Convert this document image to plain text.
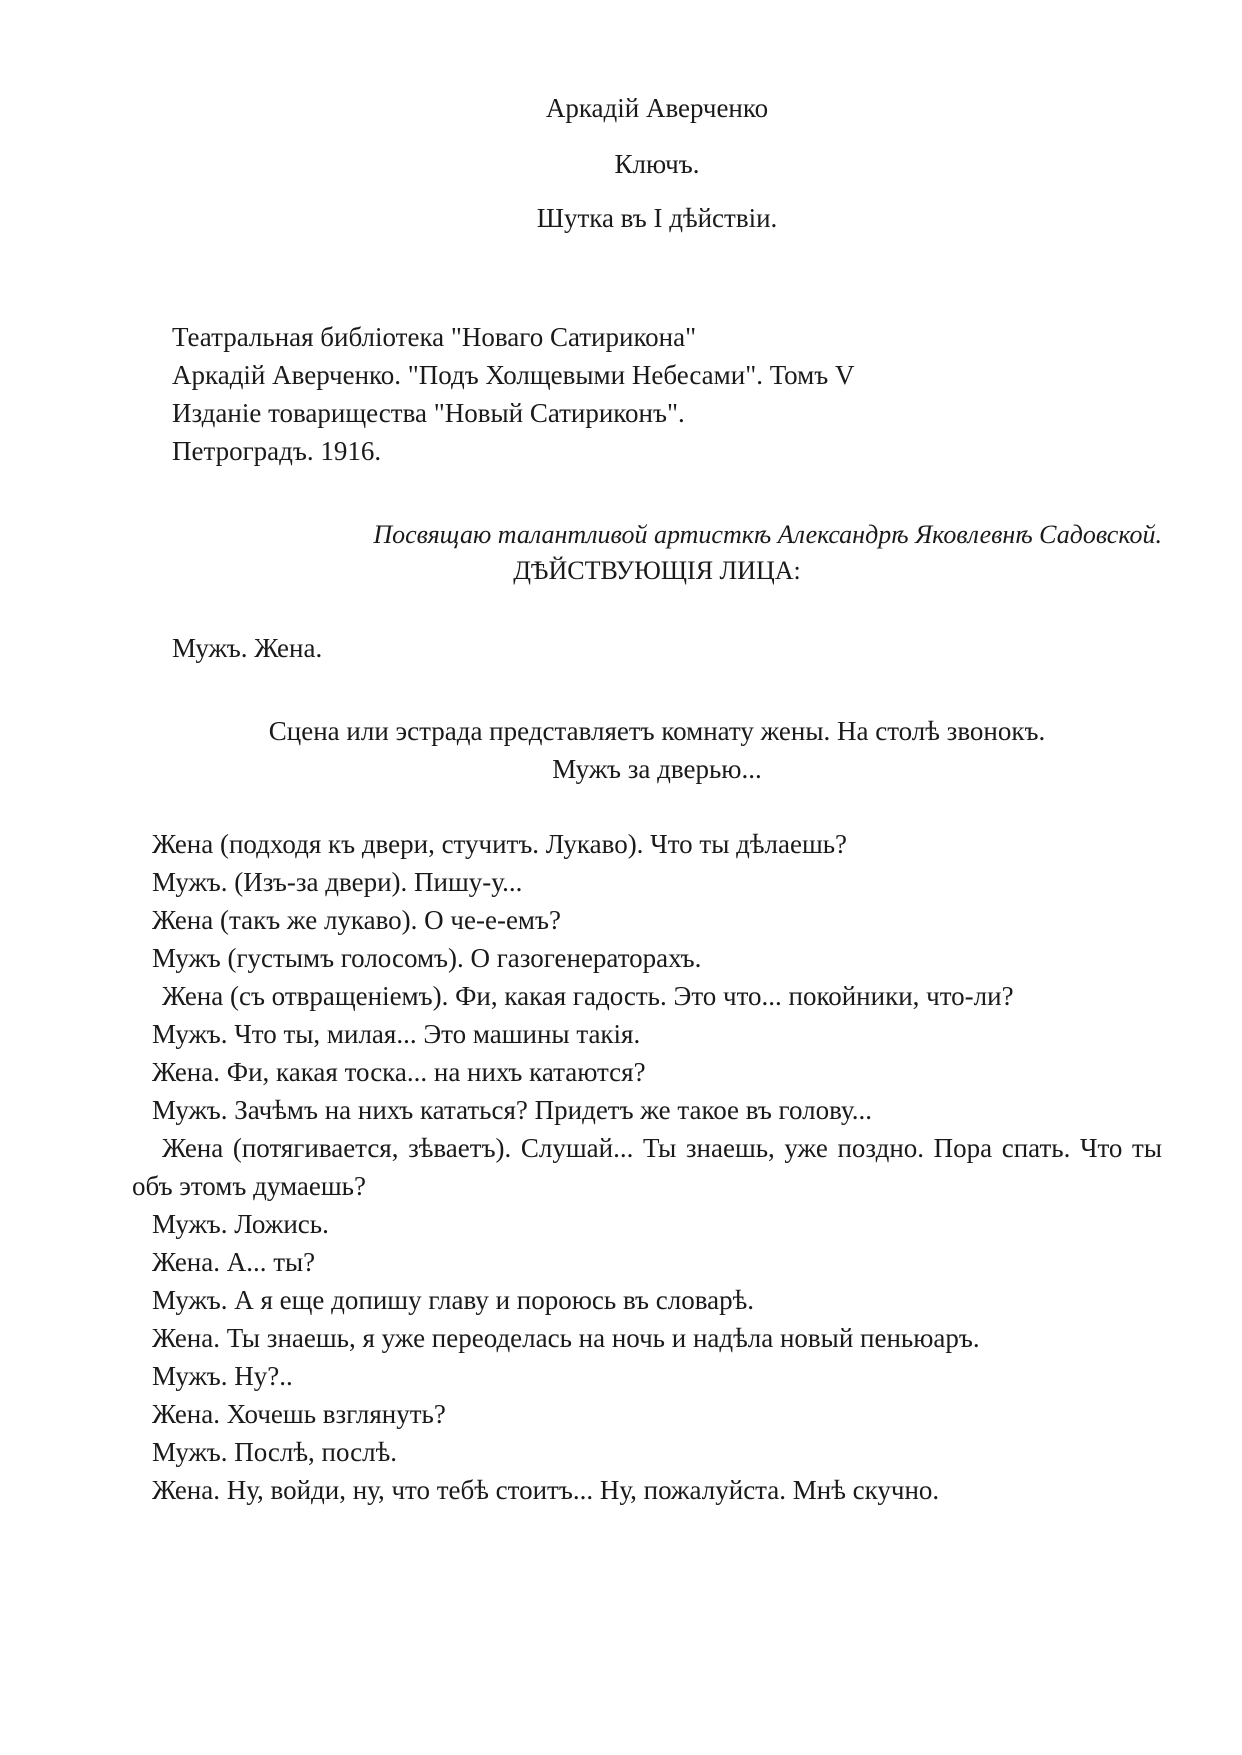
Аркадій Аверченко
Ключъ.
Шутка въ I дѣйствіи.
Театральная библіотека "Новаго Сатирикона"
Аркадій Аверченко. "Подъ Холщевыми Небесами". Томъ V
Изданіе товарищества "Новый Сатириконъ".
Петроградъ. 1916.
Посвящаю талантливой артисткѣ Александрѣ Яковлевнѣ Садовской.
ДѢЙСТВУЮЩІЯ ЛИЦА:
Мужъ. Жена.
Сцена или эстрада представляетъ комнату жены. На столѣ звонокъ.
Мужъ за дверью...

Жена (подходя къ двери, стучитъ. Лукаво). Что ты дѣлаешь?

Мужъ. (Изъ-за двери). Пишу-у...

Жена (такъ же лукаво). О че-е-емъ?

Мужъ (густымъ голосомъ). О газогенераторахъ.

Жена (съ отвращеніемъ). Фи, какая гадость. Это что... покойники, что-ли?

Мужъ. Что ты, милая... Это машины такія.

Жена. Фи, какая тоска... на нихъ катаются?

Мужъ. Зачѣмъ на нихъ кататься? Придетъ же такое въ голову...

Жена (потягивается, зѣваетъ). Слушай... Ты знаешь, уже поздно. Пора спать. Что ты объ этомъ думаешь?

Мужъ. Ложись.

Жена. А... ты?

Мужъ. А я еще допишу главу и пороюсь въ словарѣ.

Жена. Ты знаешь, я уже переоделась на ночь и надѣла новый пеньюаръ.

Мужъ. Ну?..

Жена. Хочешь взглянуть?

Мужъ. Послѣ, послѣ.

Жена. Ну, войди, ну, что тебѣ стоитъ... Ну, пожалуйста. Мнѣ скучно.
